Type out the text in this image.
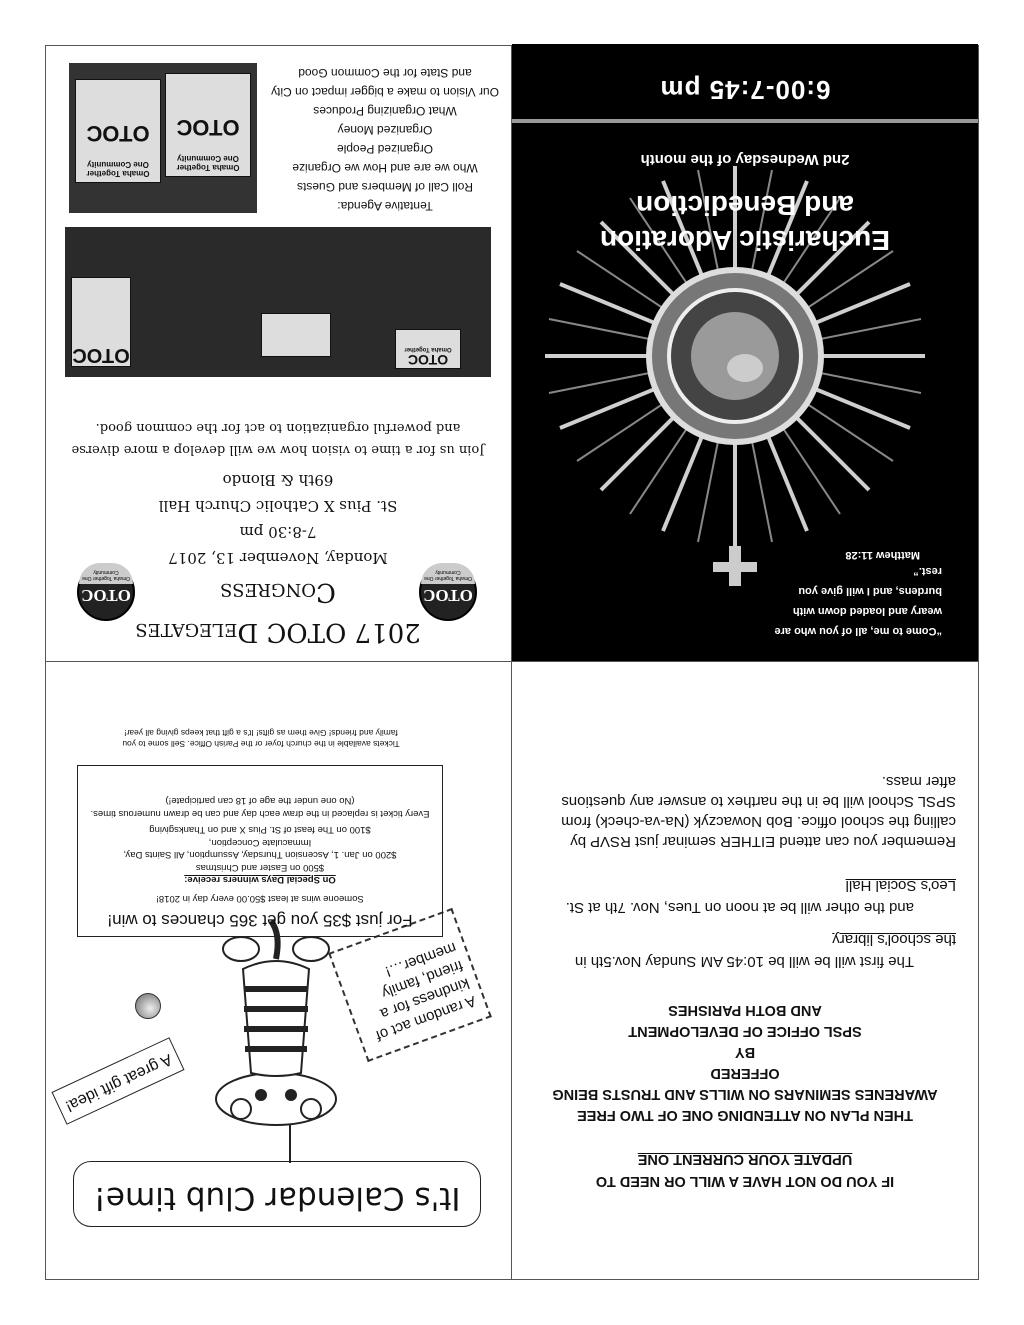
IF YOU DO NOT HAVE A WILL OR NEED TO
UPDATE YOUR CURRENT ONE
THEN PLAN ON ATTENDING ONE OF TWO FREE
AWARENES SEMINARS ON WILLS AND TRUSTS BEING
OFFERED
BY
SPSL OFFICE OF DEVELOPMENT
AND BOTH PARISHES
The first will be will be 10:45 AM Sunday Nov.5th in
the school's library
and the other will be at noon on Tues, Nov. 7th at St.
Leo's Social Hall
Remember you can attend EITHER seminar just RSVP by
calling the school office. Bob Nowaczyk (Na-va-check) from
SPSL School will be in the narthex to answer any questions
after mass.
It's Calendar Club time!
A great gift idea!
A random act of kindness for a friend, family member…!
For just $35 you get 365 chances to win!
Someone wins at least $50.00 every day in 2018!
On Special Days winners receive:
$500 on Easter and Christmas
$200 on Jan. 1, Ascension Thursday, Assumption, All Saints Day,
Immaculate Conception,
$100 on The feast of St. Pius X and on Thanksgiving
Every ticket is replaced in the draw each day and can be drawn numerous times.
(No one under the age of 18 can participate!)
Tickets available in the church foyer or the Parish Office. Sell some to you
family and friends! Give them as gifts! It's a gift that keeps giving all year!
“Come to me, all of you who are
weary and loaded down with
burdens, and I will give you
rest.”
Matthew 11:28
2nd Wednesday of the month
Eucharistic Adoration
and Benediction
6:00-7:45 pm
2017 OTOC Delegates
Congress	OTOC
Omaha Together One Community
OTOC
Omaha Together One Community
Monday, November 13, 2017
7-8:30 pm
St. Pius X Catholic Church Hall
69th & Blondo
Join us for a time to vision how we will develop a more diverse
and powerful organization to act for the common good.
OTOC
Omaha Together
OTOC
Omaha Together
One Community
OTOC
Omaha Together
One Community
OTOC
Tentative Agenda:
Roll Call of Members and Guests
Who we are and How we Organize
Organized People
Organized Money
What Organizing Produces
Our Vision to make a bigger impact on City
and State for the Common Good
